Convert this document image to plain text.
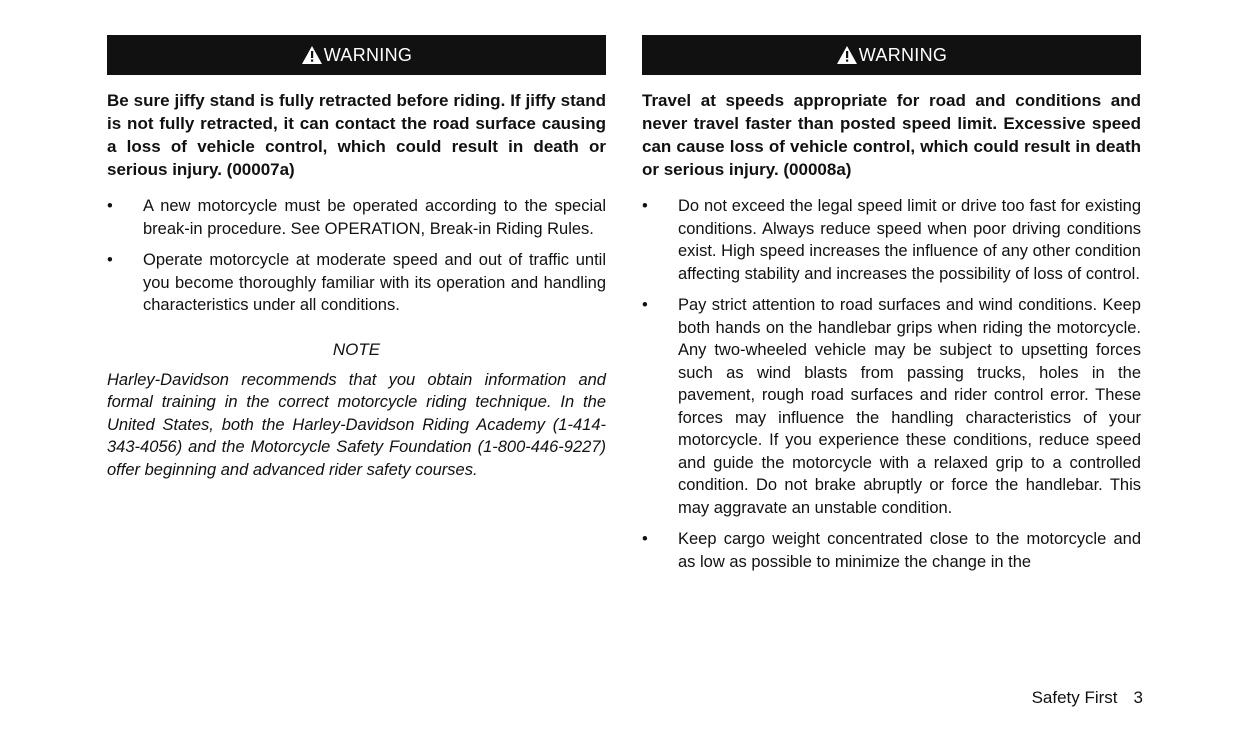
WARNING

Be sure jiffy stand is fully retracted before riding. If jiffy stand is not fully retracted, it can contact the road surface causing a loss of vehicle control, which could result in death or serious injury. (00007a)

• A new motorcycle must be operated according to the special break-in procedure. See OPERATION, Break-in Riding Rules.
• Operate motorcycle at moderate speed and out of traffic until you become thoroughly familiar with its operation and handling characteristics under all conditions.
NOTE
Harley-Davidson recommends that you obtain information and formal training in the correct motorcycle riding technique. In the United States, both the Harley-Davidson Riding Academy (1-414-343-4056) and the Motorcycle Safety Foundation (1-800-446-9227) offer beginning and advanced rider safety courses.
WARNING

Travel at speeds appropriate for road and conditions and never travel faster than posted speed limit. Excessive speed can cause loss of vehicle control, which could result in death or serious injury. (00008a)

• Do not exceed the legal speed limit or drive too fast for existing conditions. Always reduce speed when poor driving conditions exist. High speed increases the influence of any other condition affecting stability and increases the possibility of loss of control.
• Pay strict attention to road surfaces and wind conditions. Keep both hands on the handlebar grips when riding the motorcycle. Any two-wheeled vehicle may be subject to upsetting forces such as wind blasts from passing trucks, holes in the pavement, rough road surfaces and rider control error. These forces may influence the handling characteristics of your motorcycle. If you experience these conditions, reduce speed and guide the motorcycle with a relaxed grip to a controlled condition. Do not brake abruptly or force the handlebar. This may aggravate an unstable condition.
• Keep cargo weight concentrated close to the motorcycle and as low as possible to minimize the change in the
Safety First 3
